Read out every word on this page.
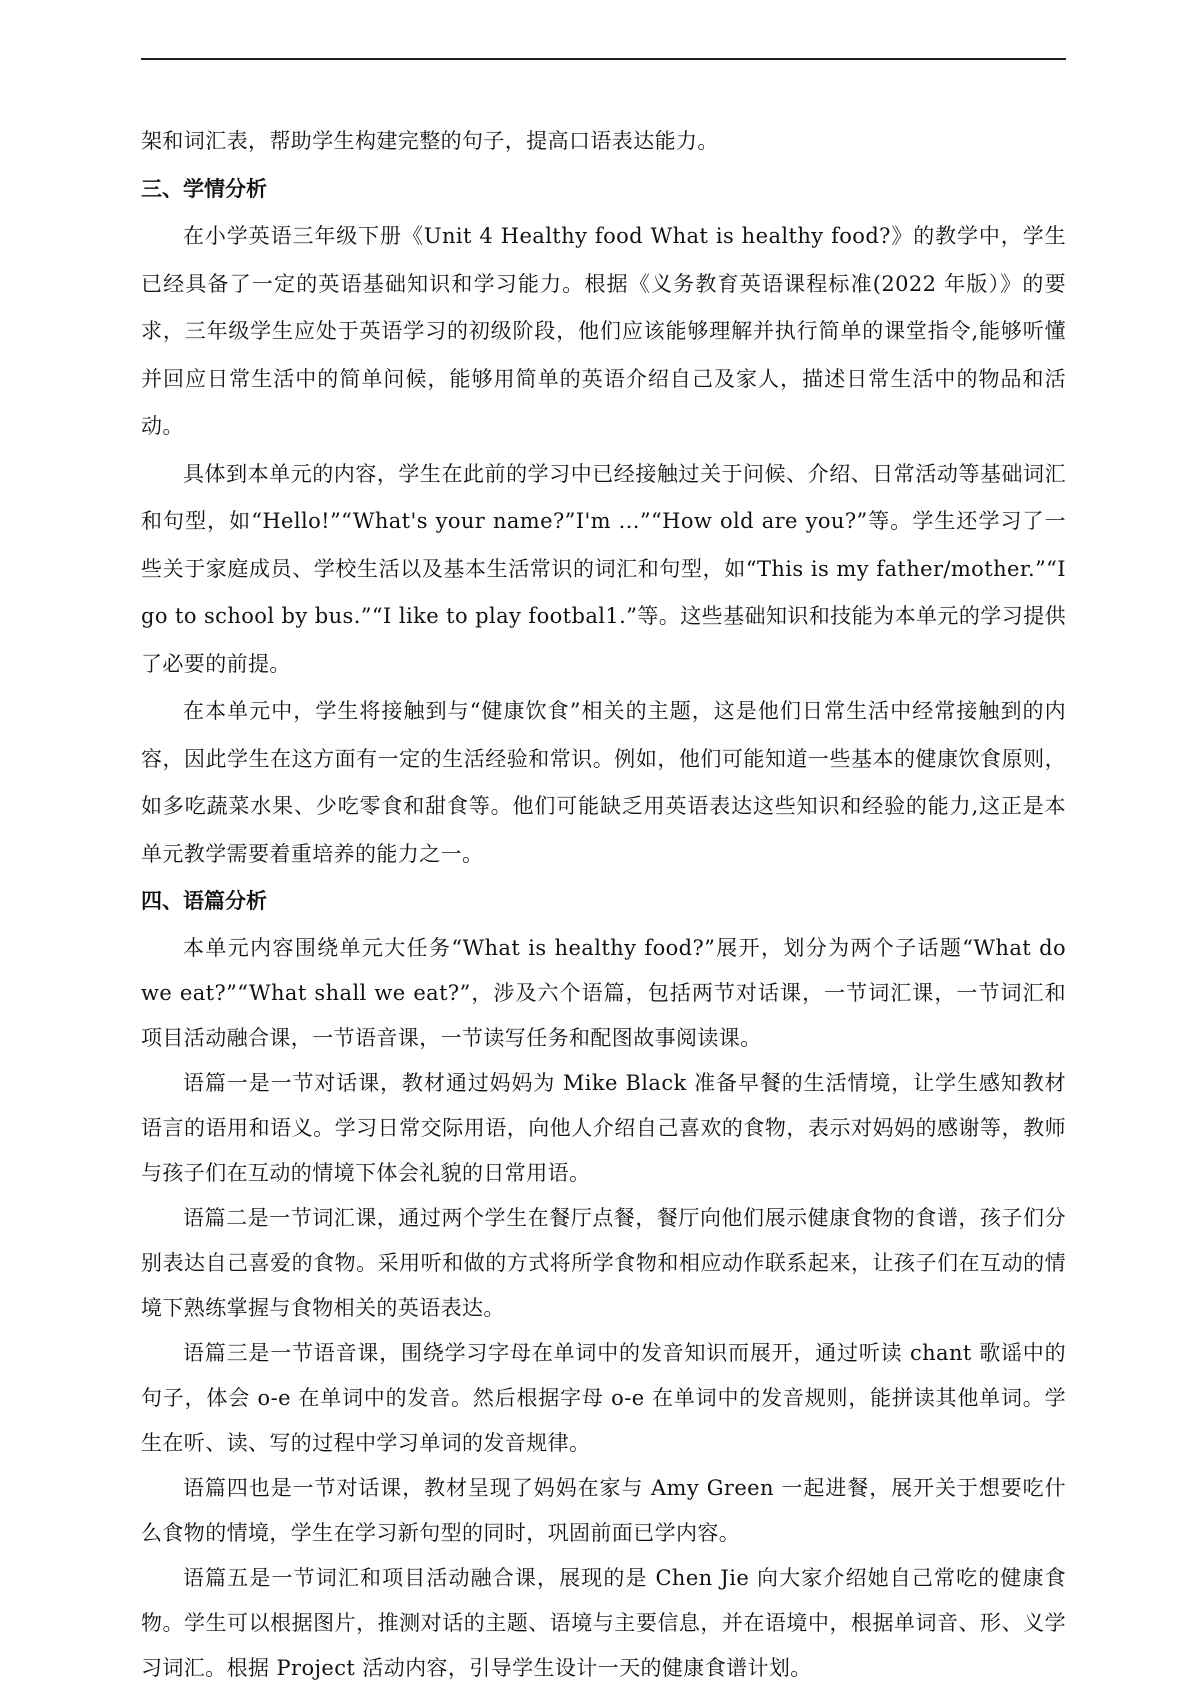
架和词汇表，帮助学生构建完整的句子，提高口语表达能力。

三、学情分析

在小学英语三年级下册《Unit 4 Healthy food What is healthy food?》的教学中，学生已经具备了一定的英语基础知识和学习能力。根据《义务教育英语课程标准(2022 年版）》的要求，三年级学生应处于英语学习的初级阶段，他们应该能够理解并执行简单的课堂指令,能够听懂并回应日常生活中的简单问候，能够用简单的英语介绍自己及家人，描述日常生活中的物品和活动。

具体到本单元的内容，学生在此前的学习中已经接触过关于问候、介绍、日常活动等基础词汇和句型，如“Hello!”“What's your name?”I'm ...”“How old are you?”等。学生还学习了一些关于家庭成员、学校生活以及基本生活常识的词汇和句型，如“This is my father/mother.”“I go to school by bus.”“I like to play footbal1.”等。这些基础知识和技能为本单元的学习提供了必要的前提。

在本单元中，学生将接触到与“健康饮食”相关的主题，这是他们日常生活中经常接触到的内容，因此学生在这方面有一定的生活经验和常识。例如，他们可能知道一些基本的健康饮食原则，如多吃蔬菜水果、少吃零食和甜食等。他们可能缺乏用英语表达这些知识和经验的能力,这正是本单元教学需要着重培养的能力之一。

四、语篇分析

本单元内容围绕单元大任务“What is healthy food?”展开，划分为两个子话题“What do we eat?”“What shall we eat?”，涉及六个语篇，包括两节对话课，一节词汇课，一节词汇和项目活动融合课，一节语音课，一节读写任务和配图故事阅读课。

语篇一是一节对话课，教材通过妈妈为 Mike Black 准备早餐的生活情境，让学生感知教材语言的语用和语义。学习日常交际用语，向他人介绍自己喜欢的食物，表示对妈妈的感谢等，教师与孩子们在互动的情境下体会礼貌的日常用语。

语篇二是一节词汇课，通过两个学生在餐厅点餐，餐厅向他们展示健康食物的食谱，孩子们分别表达自己喜爱的食物。采用听和做的方式将所学食物和相应动作联系起来，让孩子们在互动的情境下熟练掌握与食物相关的英语表达。

语篇三是一节语音课，围绕学习字母在单词中的发音知识而展开，通过听读 chant 歌谣中的句子，体会 o-e 在单词中的发音。然后根据字母 o-e 在单词中的发音规则，能拼读其他单词。学生在听、读、写的过程中学习单词的发音规律。

语篇四也是一节对话课，教材呈现了妈妈在家与 Amy Green 一起进餐，展开关于想要吃什么食物的情境，学生在学习新句型的同时，巩固前面已学内容。

语篇五是一节词汇和项目活动融合课，展现的是 Chen Jie 向大家介绍她自己常吃的健康食物。学生可以根据图片，推测对话的主题、语境与主要信息，并在语境中，根据单词音、形、义学习词汇。根据 Project 活动内容，引导学生设计一天的健康食谱计划。
